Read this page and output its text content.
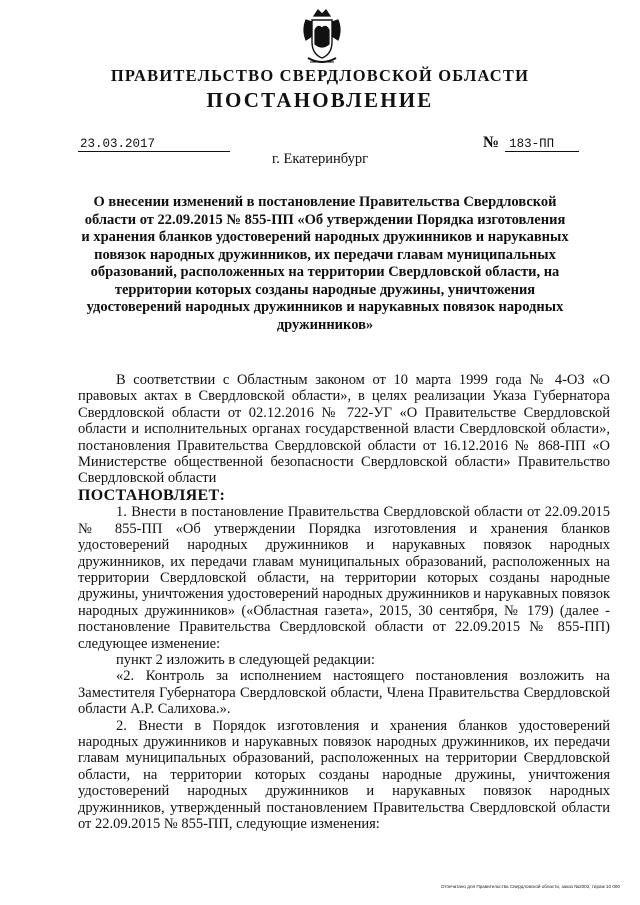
ПРАВИТЕЛЬСТВО СВЕРДЛОВСКОЙ ОБЛАСТИ
ПОСТАНОВЛЕНИЕ
23.03.2017	№ 183-ПП
г. Екатеринбург
О внесении изменений в постановление Правительства Свердловской области от 22.09.2015 № 855-ПП «Об утверждении Порядка изготовления и хранения бланков удостоверений народных дружинников и нарукавных повязок народных дружинников, их передачи главам муниципальных образований, расположенных на территории Свердловской области, на территории которых созданы народные дружины, уничтожения удостоверений народных дружинников и нарукавных повязок народных дружинников»

В соответствии с Областным законом от 10 марта 1999 года № 4-ОЗ «О правовых актах в Свердловской области», в целях реализации Указа Губернатора Свердловской области от 02.12.2016 № 722-УГ «О Правительстве Свердловской области и исполнительных органах государственной власти Свердловской области», постановления Правительства Свердловской области от 16.12.2016 № 868-ПП «О Министерстве общественной безопасности Свердловской области» Правительство Свердловской области

ПОСТАНОВЛЯЕТ:

1. Внести в постановление Правительства Свердловской области от 22.09.2015 № 855-ПП «Об утверждении Порядка изготовления и хранения бланков удостоверений народных дружинников и нарукавных повязок народных дружинников, их передачи главам муниципальных образований, расположенных на территории Свердловской области, на территории которых созданы народные дружины, уничтожения удостоверений народных дружинников и нарукавных повязок народных дружинников» («Областная газета», 2015, 30 сентября, № 179) (далее - постановление Правительства Свердловской области от 22.09.2015 № 855-ПП) следующее изменение:

пункт 2 изложить в следующей редакции:

«2. Контроль за исполнением настоящего постановления возложить на Заместителя Губернатора Свердловской области, Члена Правительства Свердловской области А.Р. Салихова.».

2. Внести в Порядок изготовления и хранения бланков удостоверений народных дружинников и нарукавных повязок народных дружинников, их передачи главам муниципальных образований, расположенных на территории Свердловской области, на территории которых созданы народные дружины, уничтожения удостоверений народных дружинников и нарукавных повязок народных дружинников, утвержденный постановлением Правительства Свердловской области от 22.09.2015 № 855-ПП, следующие изменения:

Отпечатано для Правительства Свердловской области, заказ №2002, тираж 10 000
